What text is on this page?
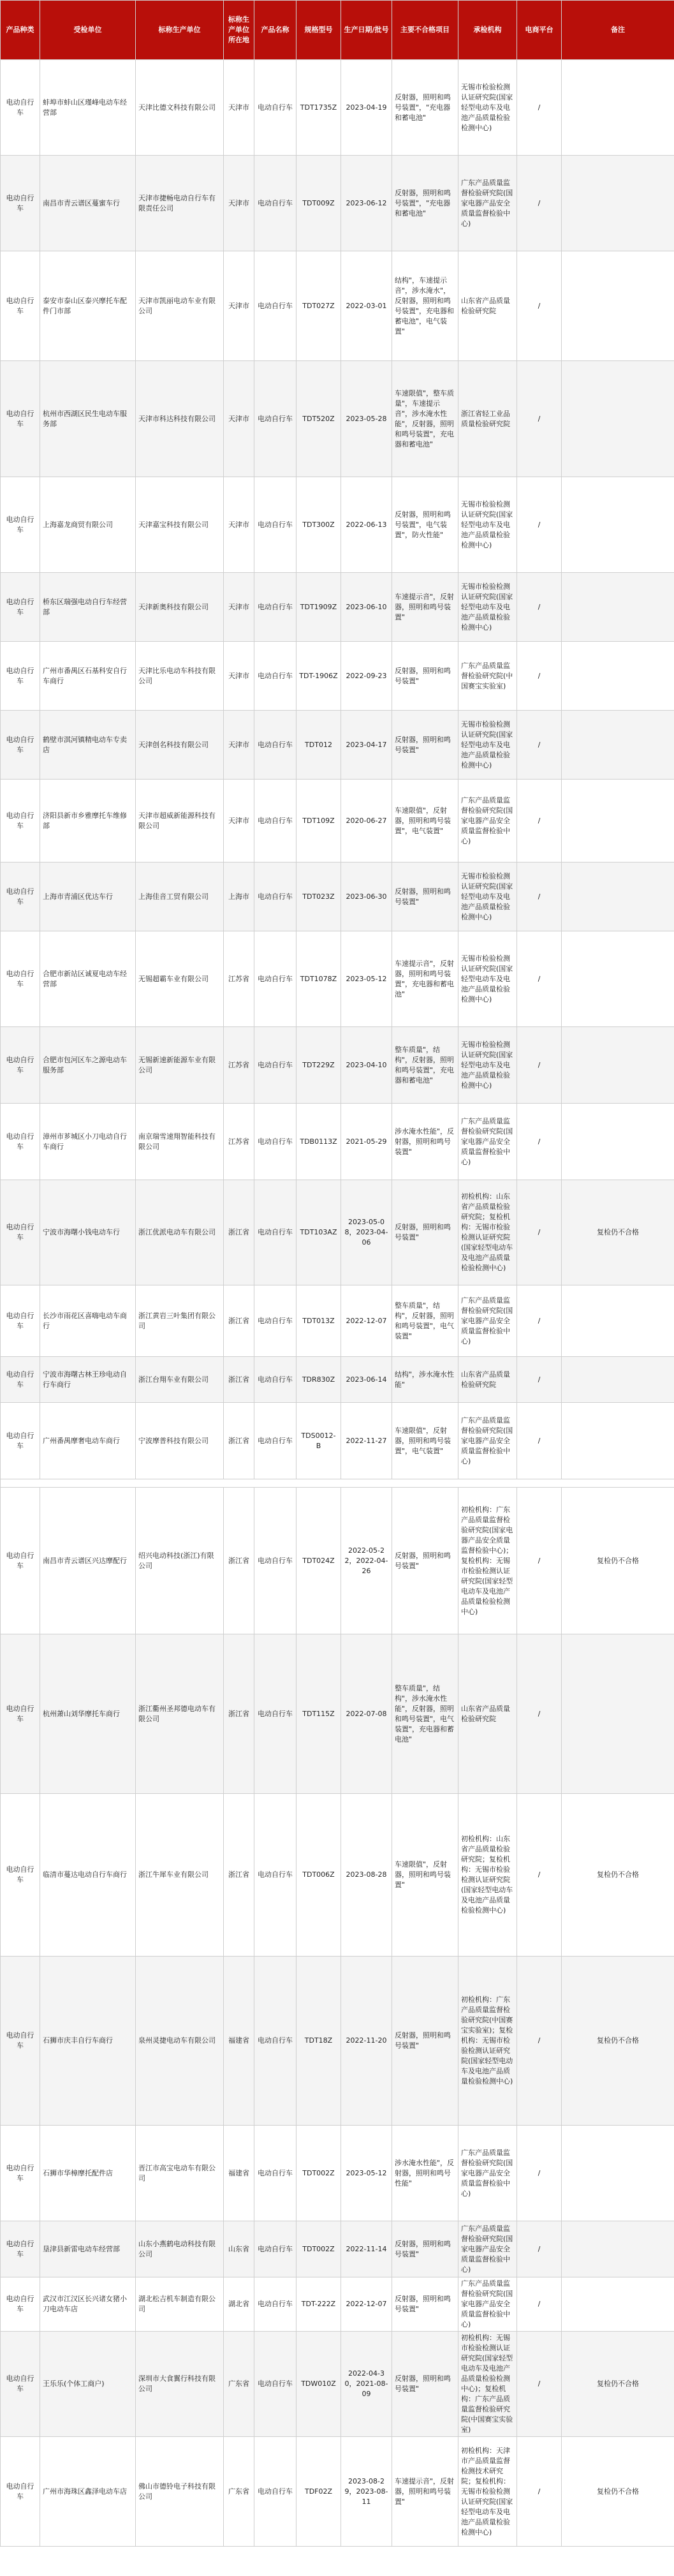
产品种类	受检单位	标称生产单位	标称生产单位所在地	产品名称	规格型号	生产日期/批号	主要不合格项目	承检机构	电商平台	备注
电动自行车	蚌埠市蚌山区瑾峰电动车经营部	天津比德文科技有限公司	天津市	电动自行车	TDT1735Z	2023-04-19	反射器，照明和鸣号装置"，"充电器和蓄电池"	无锡市检验检测认证研究院(国家轻型电动车及电池产品质量检验检测中心)	/	
电动自行车	南昌市青云谱区蔓蜜车行	天津市捷畅电动自行车有限责任公司	天津市	电动自行车	TDT009Z	2023-06-12	反射器，照明和鸣号装置"，"充电器和蓄电池"	广东产品质量监督检验研究院(国家电器产品安全质量监督检验中心)	/	
电动自行车	泰安市泰山区泰兴摩托车配件门市部	天津市凯丽电动车业有限公司	天津市	电动自行车	TDT027Z	2022-03-01	结构"，车速提示音"，涉水淹水"，反射器，照明和鸣号装置"，充电器和蓄电池"，电气装置"	山东省产品质量检验研究院	/	
电动自行车	杭州市西湖区民生电动车服务部	天津市科达科技有限公司	天津市	电动自行车	TDT520Z	2023-05-28	车速限值"，整车质量"，车速提示音"，涉水淹水性能"，反射器，照明和鸣号装置"，充电器和蓄电池"	浙江省轻工业品质量检验研究院	/	
电动自行车	上海嘉龙商贸有限公司	天津嘉宝科技有限公司	天津市	电动自行车	TDT300Z	2022-06-13	反射器，照明和鸣号装置"，电气装置"，防火性能"	无锡市检验检测认证研究院(国家轻型电动车及电池产品质量检验检测中心)	/	
电动自行车	桥东区瑞强电动自行车经营部	天津新奥科技有限公司	天津市	电动自行车	TDT1909Z	2023-06-10	车速提示音"，反射器，照明和鸣号装置"	无锡市检验检测认证研究院(国家轻型电动车及电池产品质量检验检测中心)	/	
电动自行车	广州市番禺区石基科安自行车商行	天津比乐电动车科技有限公司	天津市	电动自行车	TDT-1906Z	2022-09-23	反射器，照明和鸣号装置"	广东产品质量监督检验研究院(中国赛宝实验室)	/	
电动自行车	鹤壁市淇河镇精电动车专卖店	天津创名科技有限公司	天津市	电动自行车	TDT012	2023-04-17	反射器，照明和鸣号装置"	无锡市检验检测认证研究院(国家轻型电动车及电池产品质量检验检测中心)	/	
电动自行车	济阳县新市乡雅摩托车维修部	天津市超威新能源科技有限公司	天津市	电动自行车	TDT109Z	2020-06-27	车速限值"，反射器，照明和鸣号装置"，电气装置"	广东产品质量监督检验研究院(国家电器产品安全质量监督检验中心)	/	
电动自行车	上海市青浦区优达车行	上海佳音工贸有限公司	上海市	电动自行车	TDT023Z	2023-06-30	反射器，照明和鸣号装置"	无锡市检验检测认证研究院(国家轻型电动车及电池产品质量检验检测中心)	/	
电动自行车	合肥市新站区诚夏电动车经营部	无锡超霸车业有限公司	江苏省	电动自行车	TDT1078Z	2023-05-12	车速提示音"，反射器，照明和鸣号装置"，充电器和蓄电池"	无锡市检验检测认证研究院(国家轻型电动车及电池产品质量检验检测中心)	/	
电动自行车	合肥市包河区车之源电动车服务部	无锡新速新能源车业有限公司	江苏省	电动自行车	TDT229Z	2023-04-10	整车质量"，结构"，反射器，照明和鸣号装置"，充电器和蓄电池"	无锡市检验检测认证研究院(国家轻型电动车及电池产品质量检验检测中心)	/	
电动自行车	漳州市芗城区小刀电动自行车商行	南京瑞雪速翔智能科技有限公司	江苏省	电动自行车	TDB0113Z	2021-05-29	涉水淹水性能"，反射器，照明和鸣号装置"	广东产品质量监督检验研究院(国家电器产品安全质量监督检验中心)	/	
电动自行车	宁波市海曙小钱电动车行	浙江优派电动车有限公司	浙江省	电动自行车	TDT103AZ	2023-05-08，2023-04-06	反射器，照明和鸣号装置"	初检机构：山东省产品质量检验研究院；复检机构：无锡市检验检测认证研究院(国家轻型电动车及电池产品质量检验检测中心)	/	复检仍不合格
电动自行车	长沙市雨花区喜嗨电动车商行	浙江黄岩三叶集团有限公司	浙江省	电动自行车	TDT013Z	2022-12-07	整车质量"，结构"，反射器，照明和鸣号装置"，电气装置"	广东产品质量监督检验研究院(国家电器产品安全质量监督检验中心)	/	
电动自行车	宁波市海曙古林王珍电动自行车商行	浙江台翔车业有限公司	浙江省	电动自行车	TDR830Z	2023-06-14	结构"，涉水淹水性能"	山东省产品质量检验研究院	/	
电动自行车	广州番禺摩奢电动车商行	宁波摩普科技有限公司	浙江省	电动自行车	TDS0012-B	2022-11-27	车速限值"，反射器，照明和鸣号装置"，电气装置"	广东产品质量监督检验研究院(国家电器产品安全质量监督检验中心)	/	

电动自行车	南昌市青云谱区兴达摩配行	绍兴电动科技(浙江)有限公司	浙江省	电动自行车	TDT024Z	2022-05-22，2022-04-26	反射器，照明和鸣号装置"	初检机构：广东产品质量监督检验研究院(国家电器产品安全质量监督检验中心)；复检机构：无锡市检验检测认证研究院(国家轻型电动车及电池产品质量检验检测中心)	/	复检仍不合格
电动自行车	杭州萧山刘华摩托车商行	浙江衢州圣邦德电动车有限公司	浙江省	电动自行车	TDT115Z	2022-07-08	整车质量"，结构"，涉水淹水性能"，反射器，照明和鸣号装置"，电气装置"，充电器和蓄电池"	山东省产品质量检验研究院	/	
电动自行车	临清市蔓达电动自行车商行	浙江牛犀车业有限公司	浙江省	电动自行车	TDT006Z	2023-08-28	车速限值"，反射器，照明和鸣号装置"	初检机构：山东省产品质量检验研究院；复检机构：无锡市检验检测认证研究院(国家轻型电动车及电池产品质量检验检测中心)	/	复检仍不合格
电动自行车	石狮市庆丰自行车商行	泉州灵捷电动车有限公司	福建省	电动自行车	TDT18Z	2022-11-20	反射器，照明和鸣号装置"	初检机构：广东产品质量监督检验研究院(中国赛宝实验室)；复检机构：无锡市检验检测认证研究院(国家轻型电动车及电池产品质量检验检测中心)	/	复检仍不合格
电动自行车	石狮市华樟摩托配件店	晋江市高宝电动车有限公司	福建省	电动自行车	TDT002Z	2023-05-12	涉水淹水性能"，反射器，照明和鸣号性能"	广东产品质量监督检验研究院(国家电器产品安全质量监督检验中心)	/	
电动自行车	垦津县新雷电动车经营部	山东小燕鹤电动科技有限公司	山东省	电动自行车	TDT002Z	2022-11-14	反射器，照明和鸣号装置"	广东产品质量监督检验研究院(国家电器产品安全质量监督检验中心)	/	
电动自行车	武汉市江汉区长兴诸女猪小刀电动车店	湖北松吉机车制造有限公司	湖北省	电动自行车	TDT-222Z	2022-12-07	反射器，照明和鸣号装置"	广东产品质量监督检验研究院(国家电器产品安全质量监督检验中心)	/	
电动自行车	王乐乐(个体工商户)	深圳市大食翼行科技有限公司	广东省	电动自行车	TDW010Z	2022-04-30，2021-08-09	反射器，照明和鸣号装置"	初检机构：无锡市检验检测认证研究院(国家轻型电动车及电池产品质量检验检测中心)；复检机构：广东产品质量监督检验研究院(中国赛宝实验室)	/	复检仍不合格
电动自行车	广州市海珠区鑫泽电动车店	佛山市德铃电子科技有限公司	广东省	电动自行车	TDF02Z	2023-08-29，2023-08-11	车速提示音"，反射器，照明和鸣号装置"	初检机构：天津市产品质量监督检测技术研究院；复检机构：无锡市检验检测认证研究院(国家轻型电动车及电池产品质量检验检测中心)	/	复检仍不合格
